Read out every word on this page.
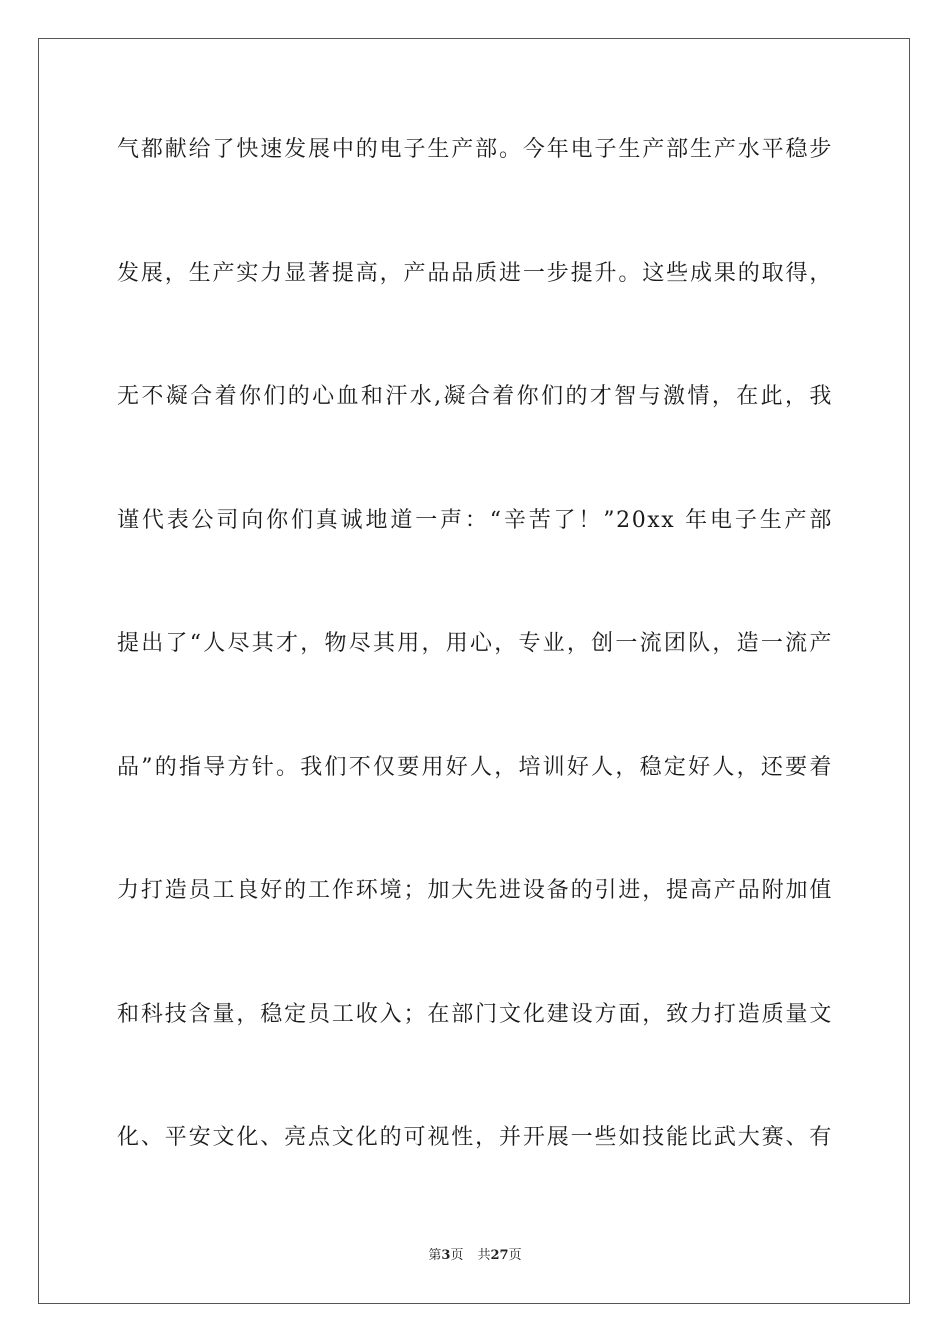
气都献给了快速发展中的电子生产部。今年电子生产部生产水平稳步
发展，生产实力显著提高，产品品质进一步提升。这些成果的取得，
无不凝合着你们的心血和汗水,凝合着你们的才智与激情，在此，我
谨代表公司向你们真诚地道一声：“辛苦了！”20xx 年电子生产部
提出了“人尽其才，物尽其用，用心，专业，创一流团队，造一流产
品”的指导方针。我们不仅要用好人，培训好人，稳定好人，还要着
力打造员工良好的工作环境；加大先进设备的引进，提高产品附加值
和科技含量，稳定员工收入；在部门文化建设方面，致力打造质量文
化、平安文化、亮点文化的可视性，并开展一些如技能比武大赛、有
第3页 共27页
